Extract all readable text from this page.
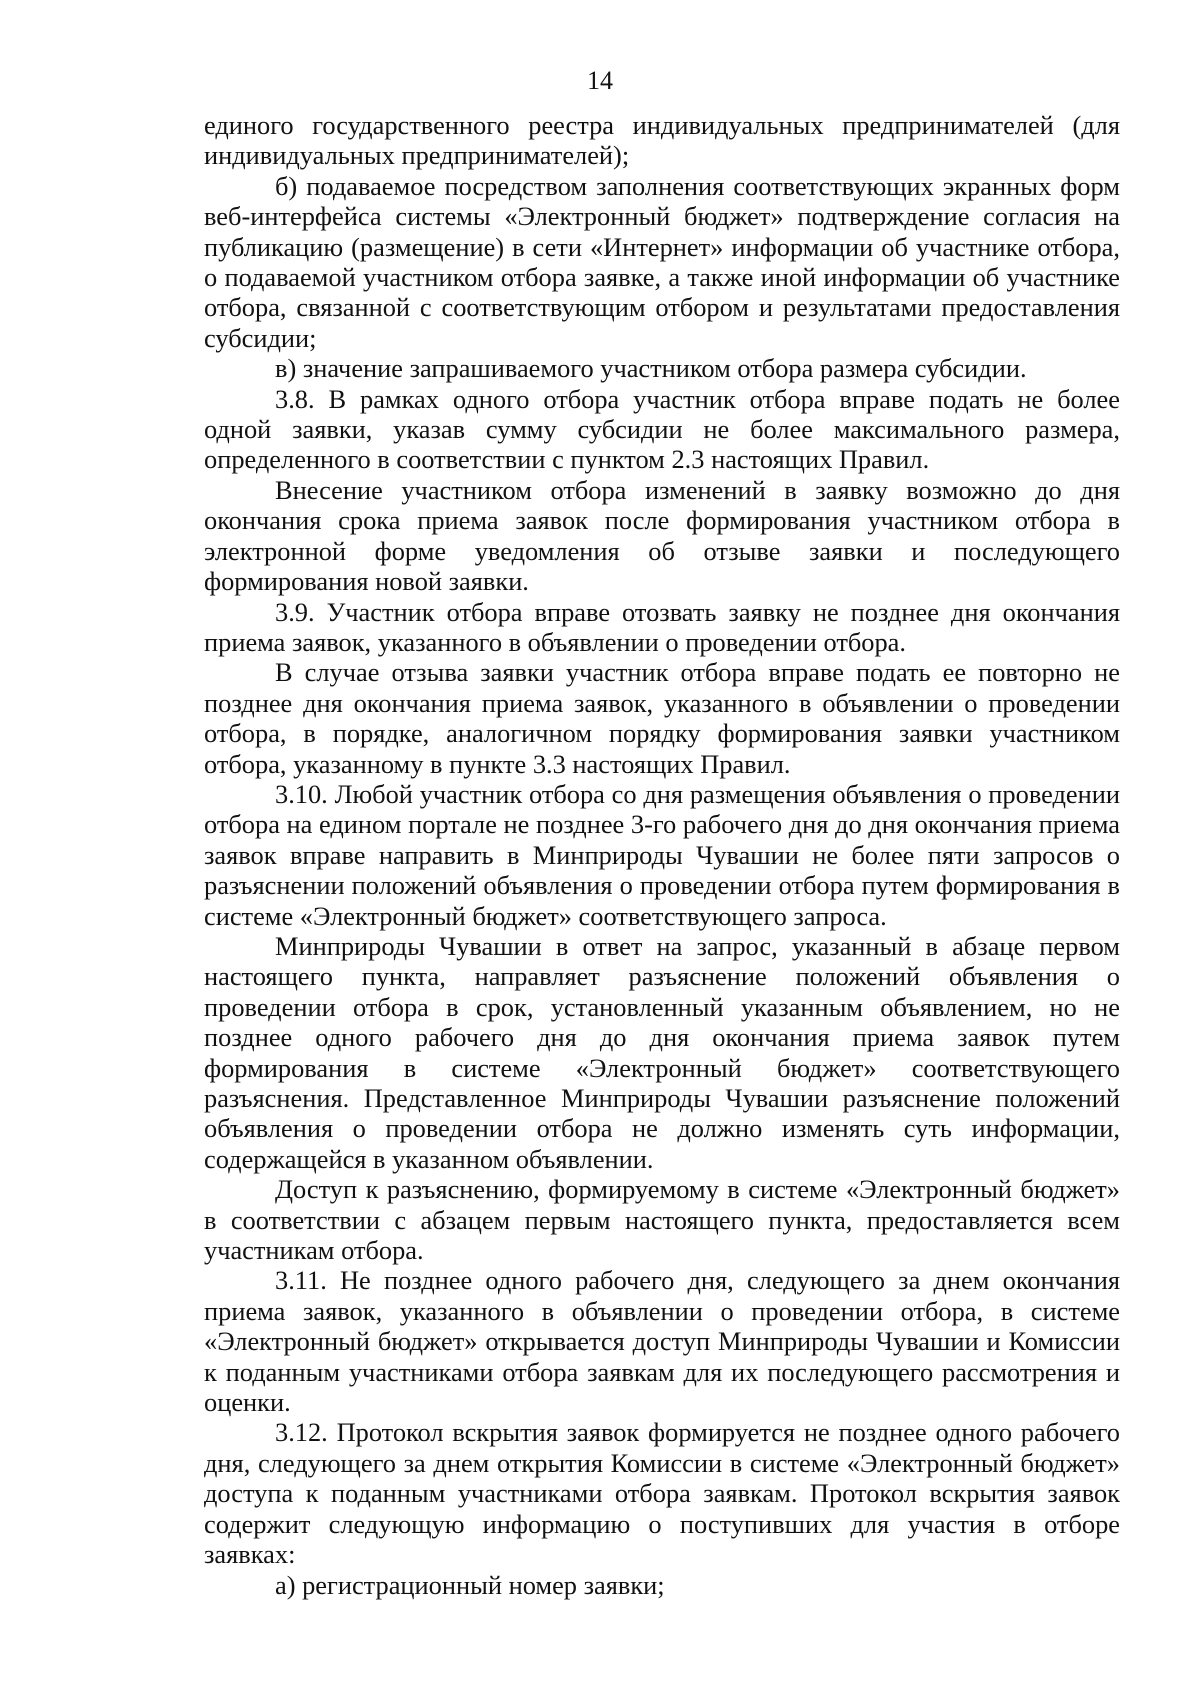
14

единого государственного реестра индивидуальных предпринимателей (для индивидуальных предпринимателей);

б) подаваемое посредством заполнения соответствующих экранных форм веб-интерфейса системы «Электронный бюджет» подтверждение согласия на публикацию (размещение) в сети «Интернет» информации об участнике отбора, о подаваемой участником отбора заявке, а также иной информации об участнике отбора, связанной с соответствующим отбором и результатами предоставления субсидии;

в) значение запрашиваемого участником отбора размера субсидии.

3.8. В рамках одного отбора участник отбора вправе подать не более одной заявки, указав сумму субсидии не более максимального размера, определенного в соответствии с пунктом 2.3 настоящих Правил.

Внесение участником отбора изменений в заявку возможно до дня окончания срока приема заявок после формирования участником отбора в электронной форме уведомления об отзыве заявки и последующего формирования новой заявки.

3.9. Участник отбора вправе отозвать заявку не позднее дня окончания приема заявок, указанного в объявлении о проведении отбора.

В случае отзыва заявки участник отбора вправе подать ее повторно не позднее дня окончания приема заявок, указанного в объявлении о проведении отбора, в порядке, аналогичном порядку формирования заявки участником отбора, указанному в пункте 3.3 настоящих Правил.

3.10. Любой участник отбора со дня размещения объявления о проведении отбора на едином портале не позднее 3-го рабочего дня до дня окончания приема заявок вправе направить в Минприроды Чувашии не более пяти запросов о разъяснении положений объявления о проведении отбора путем формирования в системе «Электронный бюджет» соответствующего запроса.

Минприроды Чувашии в ответ на запрос, указанный в абзаце первом настоящего пункта, направляет разъяснение положений объявления о проведении отбора в срок, установленный указанным объявлением, но не позднее одного рабочего дня до дня окончания приема заявок путем формирования в системе «Электронный бюджет» соответствующего разъяснения. Представленное Минприроды Чувашии разъяснение положений объявления о проведении отбора не должно изменять суть информации, содержащейся в указанном объявлении.

Доступ к разъяснению, формируемому в системе «Электронный бюджет» в соответствии с абзацем первым настоящего пункта, предоставляется всем участникам отбора.

3.11. Не позднее одного рабочего дня, следующего за днем окончания приема заявок, указанного в объявлении о проведении отбора, в системе «Электронный бюджет» открывается доступ Минприроды Чувашии и Комиссии к поданным участниками отбора заявкам для их последующего рассмотрения и оценки.

3.12. Протокол вскрытия заявок формируется не позднее одного рабочего дня, следующего за днем открытия Комиссии в системе «Электронный бюджет» доступа к поданным участниками отбора заявкам. Протокол вскрытия заявок содержит следующую информацию о поступивших для участия в отборе заявках:

а) регистрационный номер заявки;
